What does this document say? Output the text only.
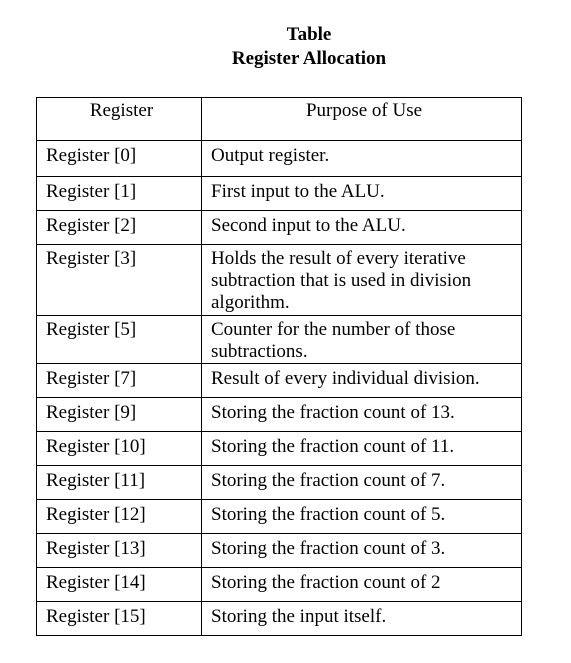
Table
Register Allocation
Register	Purpose of Use
Register [0]	Output register.
Register [1]	First input to the ALU.
Register [2]	Second input to the ALU.
Register [3]	Holds the result of every iterative subtraction that is used in division algorithm.
Register [5]	Counter for the number of those subtractions.
Register [7]	Result of every individual division.
Register [9]	Storing the fraction count of 13.
Register [10]	Storing the fraction count of 11.
Register [11]	Storing the fraction count of 7.
Register [12]	Storing the fraction count of 5.
Register [13]	Storing the fraction count of 3.
Register [14]	Storing the fraction count of 2
Register [15]	Storing the input itself.
